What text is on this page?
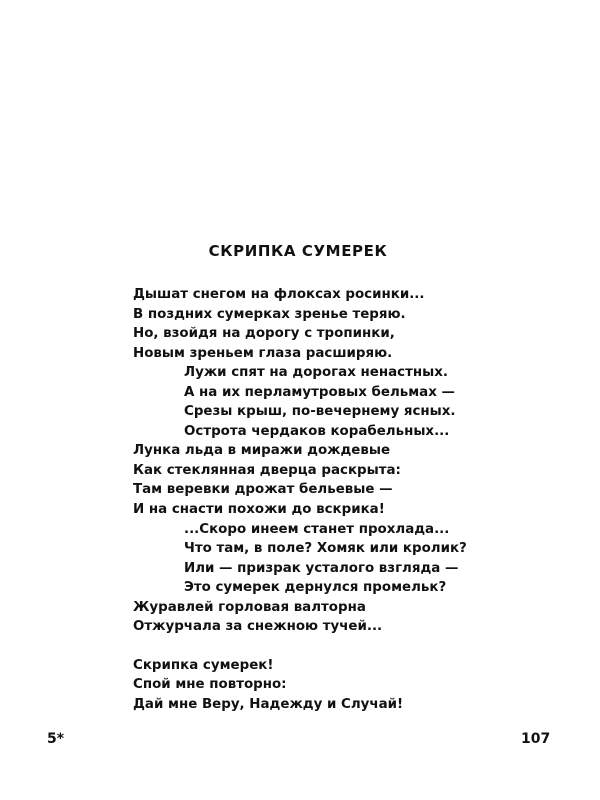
СКРИПКА СУМЕРЕК
Дышат снегом на флоксах росинки...
В поздних сумерках зренье теряю.
Но, взойдя на дорогу с тропинки,
Новым зреньем глаза расширяю.
Лужи спят на дорогах ненастных.
А на их перламутровых бельмах —
Срезы крыш, по-вечернему ясных.
Острота чердаков корабельных...
Лунка льда в миражи дождевые
Как стеклянная дверца раскрыта:
Там веревки дрожат бельевые —
И на снасти похожи до вскрика!
...Скоро инеем станет прохлада...
Что там, в поле? Хомяк или кролик?
Или — призрак усталого взгляда —
Это сумерек дернулся промельк?
Журавлей горловая валторна
Отжурчала за снежною тучей...
Скрипка сумерек!
Спой мне повторно:
Дай мне Веру, Надежду и Случай!
5*	107
